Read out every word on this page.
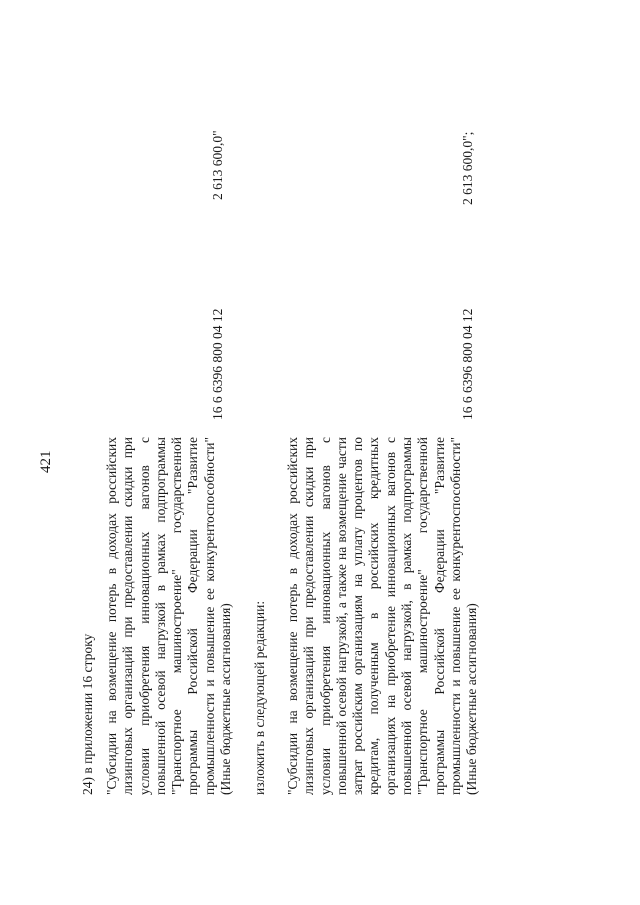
421
24) в приложении 16 строку "Субсидии на возмещение потерь в доходах российских лизинговых организаций при предоставлении скидки при условии приобретения инновационных вагонов с повышенной осевой нагрузкой в рамках подпрограммы "Транспортное машиностроение" государственной программы Российской Федерации "Развитие промышленности и повышение ее конкурентоспособности" (Иные бюджетные ассигнования)
16 6 6396 800 04 12
2 613 600,0"
изложить в следующей редакции: "Субсидии на возмещение потерь в доходах российских лизинговых организаций при предоставлении скидки при условии приобретения инновационных вагонов с повышенной осевой нагрузкой, а также на возмещение части затрат российским организациям на уплату процентов по кредитам, полученным в российских кредитных организациях на приобретение инновационных вагонов с повышенной осевой нагрузкой, в рамках подпрограммы "Транспортное машиностроение" государственной программы Российской Федерации "Развитие промышленности и повышение ее конкурентоспособности" (Иные бюджетные ассигнования)
16 6 6396 800 04 12
2 613 600,0";
